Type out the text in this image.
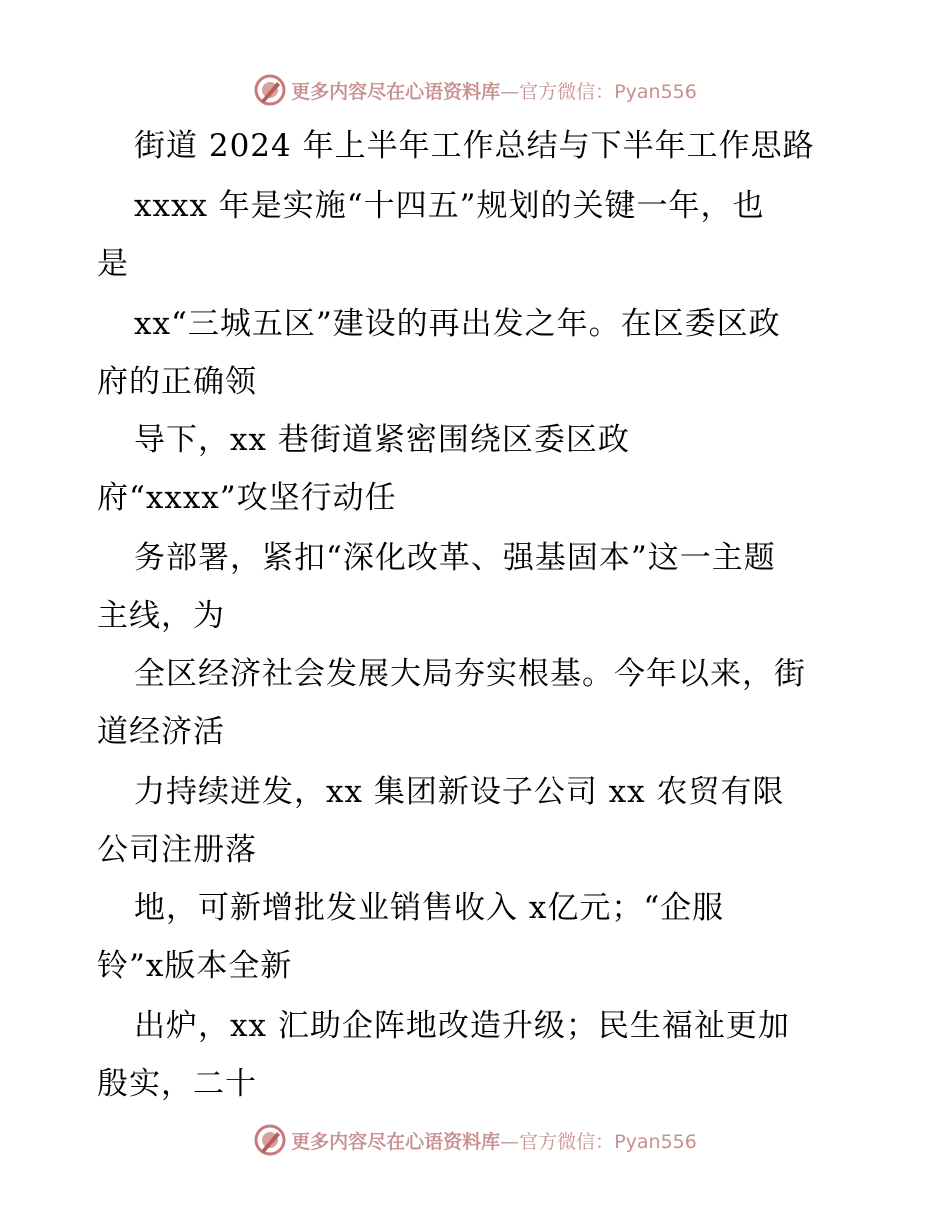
更多内容尽在心语资料库—官方微信：Pyan556
街道 2024 年上半年工作总结与下半年工作思路
xxxx 年是实施“十四五”规划的关键一年，也
是
xx“三城五区”建设的再出发之年。在区委区政
府的正确领
导下，xx 巷街道紧密围绕区委区政
府“xxxx”攻坚行动任
务部署，紧扣“深化改革、强基固本”这一主题
主线，为
全区经济社会发展大局夯实根基。今年以来，街
道经济活
力持续迸发，xx 集团新设子公司 xx 农贸有限
公司注册落
地，可新增批发业销售收入 x亿元；“企服
铃”x版本全新
出炉，xx 汇助企阵地改造升级；民生福祉更加
殷实，二十
更多内容尽在心语资料库—官方微信：Pyan556
